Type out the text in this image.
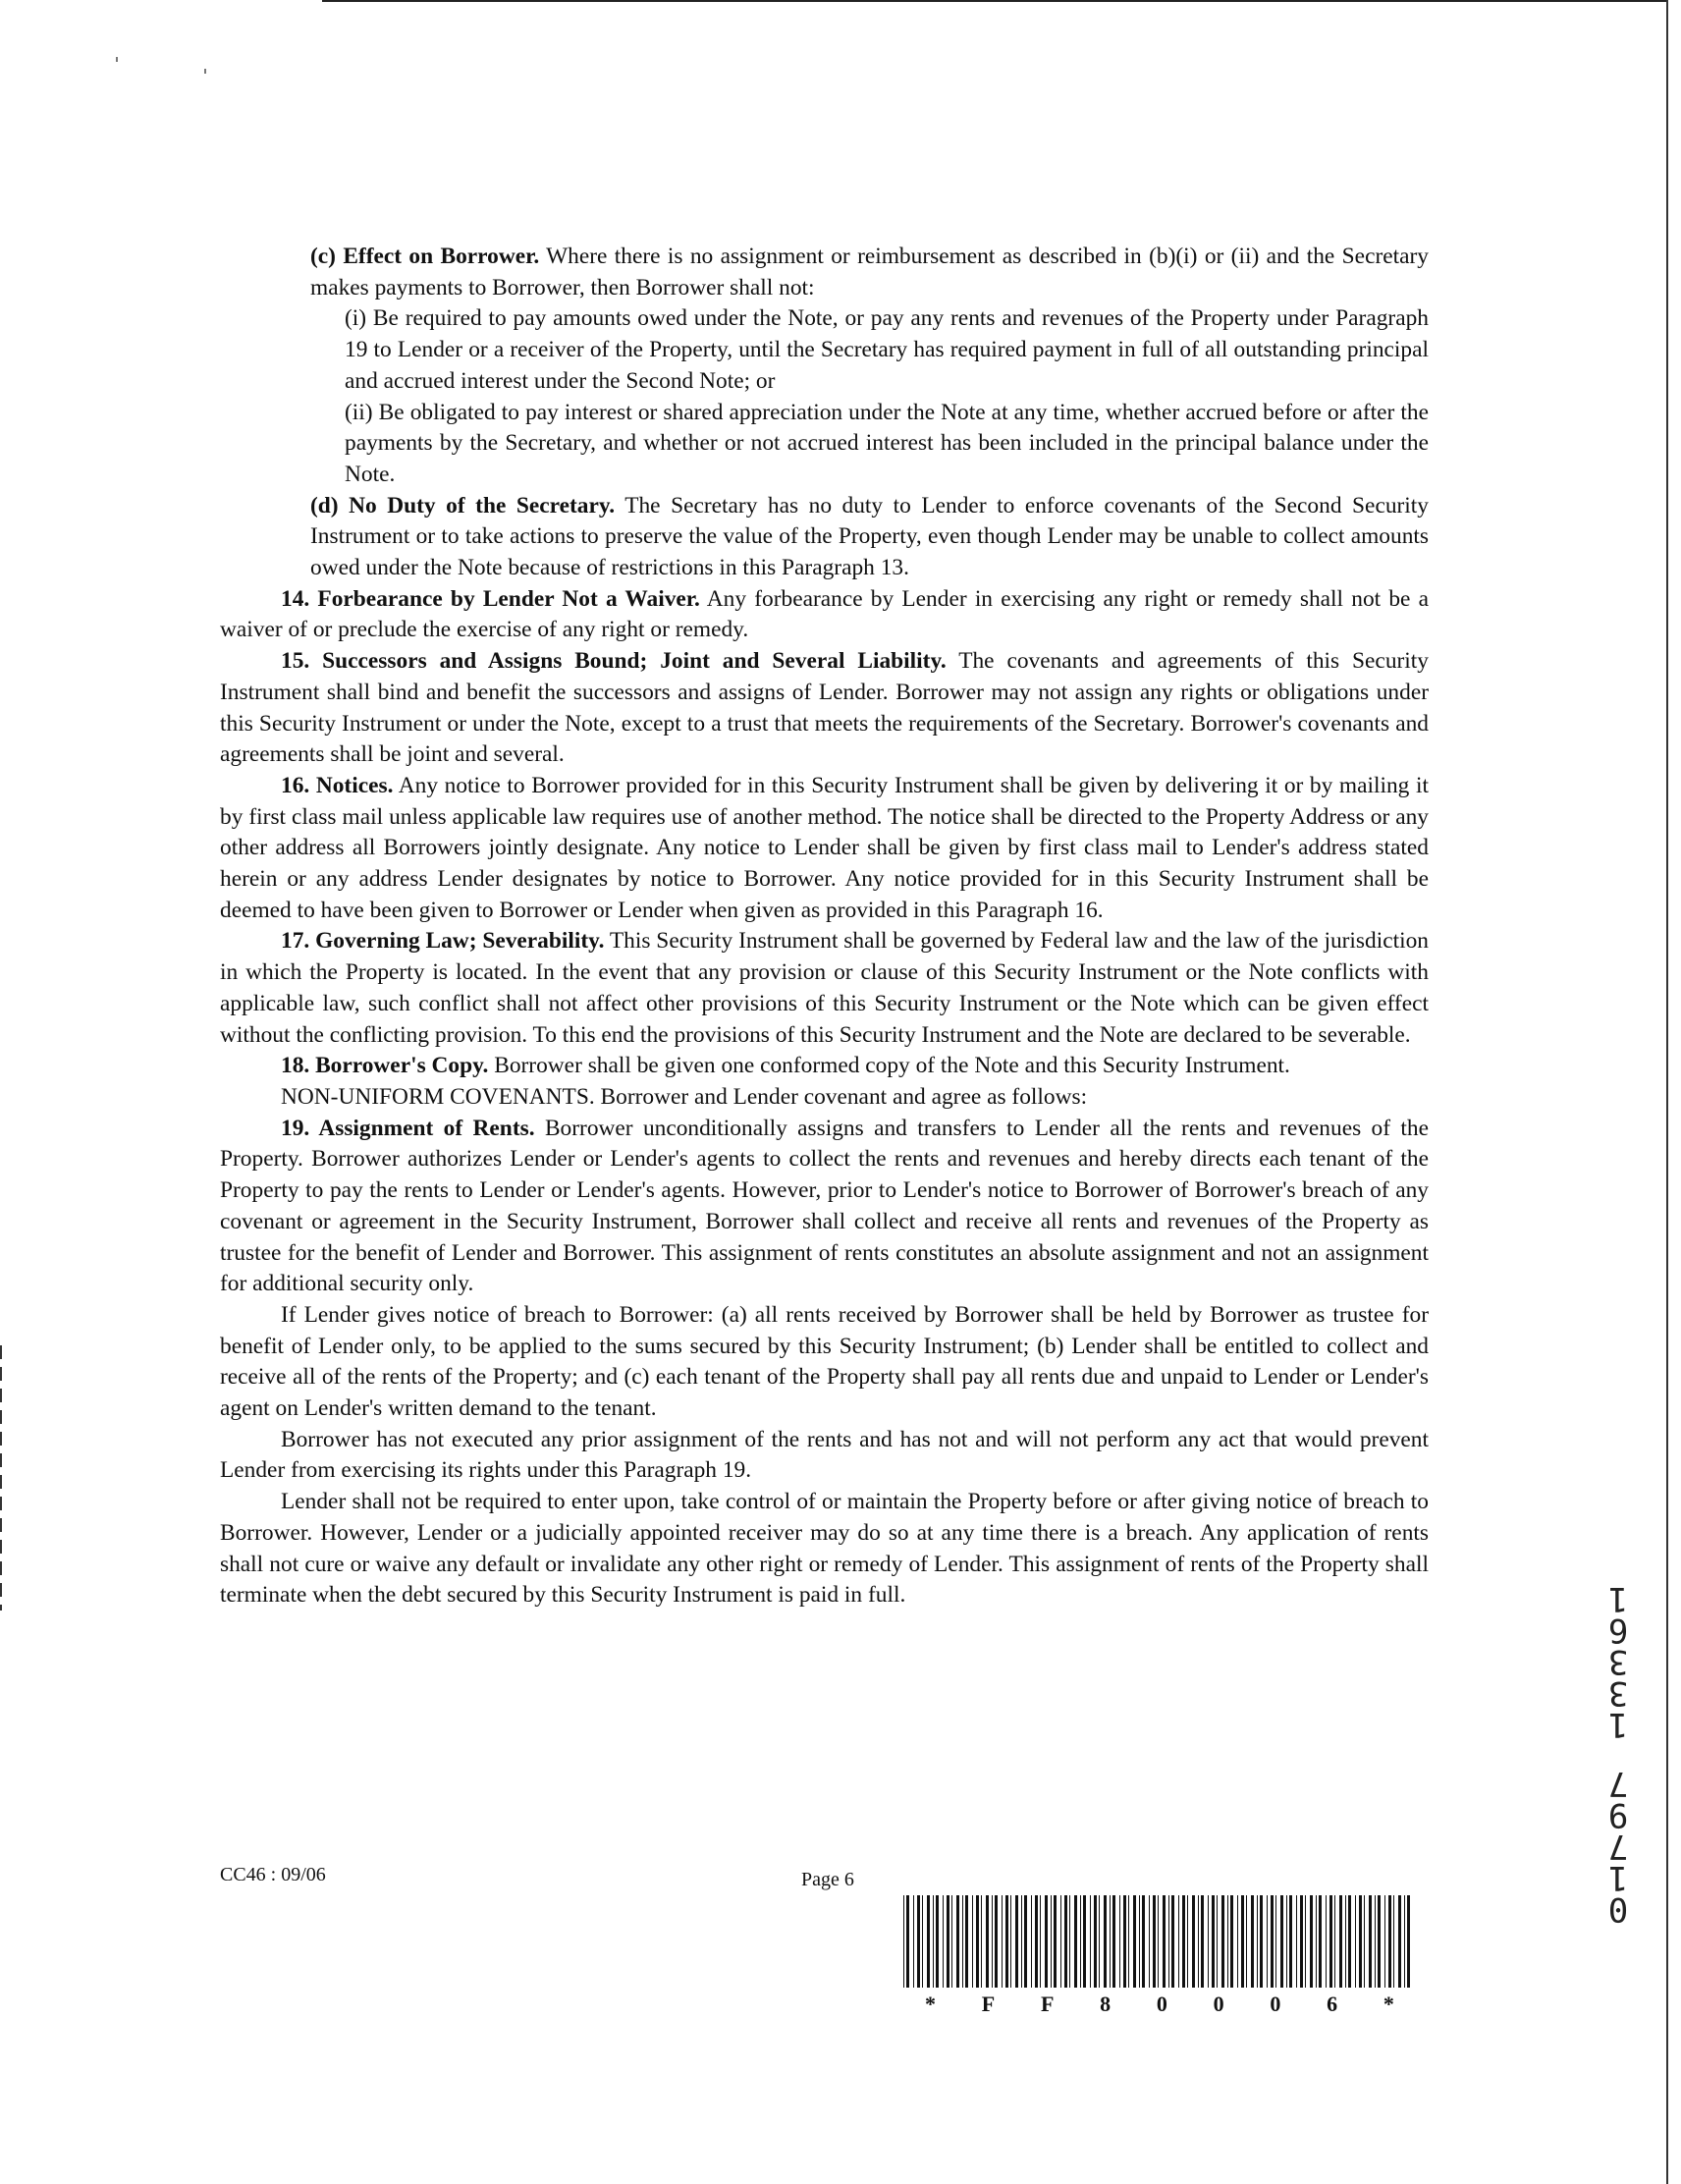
(c) Effect on Borrower. Where there is no assignment or reimbursement as described in (b)(i) or (ii) and the Secretary makes payments to Borrower, then Borrower shall not:

(i) Be required to pay amounts owed under the Note, or pay any rents and revenues of the Property under Paragraph 19 to Lender or a receiver of the Property, until the Secretary has required payment in full of all outstanding principal and accrued interest under the Second Note; or

(ii) Be obligated to pay interest or shared appreciation under the Note at any time, whether accrued before or after the payments by the Secretary, and whether or not accrued interest has been included in the principal balance under the Note.

(d) No Duty of the Secretary. The Secretary has no duty to Lender to enforce covenants of the Second Security Instrument or to take actions to preserve the value of the Property, even though Lender may be unable to collect amounts owed under the Note because of restrictions in this Paragraph 13.

14. Forbearance by Lender Not a Waiver. Any forbearance by Lender in exercising any right or remedy shall not be a waiver of or preclude the exercise of any right or remedy.

15. Successors and Assigns Bound; Joint and Several Liability. The covenants and agreements of this Security Instrument shall bind and benefit the successors and assigns of Lender. Borrower may not assign any rights or obligations under this Security Instrument or under the Note, except to a trust that meets the requirements of the Secretary. Borrower's covenants and agreements shall be joint and several.

16. Notices. Any notice to Borrower provided for in this Security Instrument shall be given by delivering it or by mailing it by first class mail unless applicable law requires use of another method. The notice shall be directed to the Property Address or any other address all Borrowers jointly designate. Any notice to Lender shall be given by first class mail to Lender's address stated herein or any address Lender designates by notice to Borrower. Any notice provided for in this Security Instrument shall be deemed to have been given to Borrower or Lender when given as provided in this Paragraph 16.

17. Governing Law; Severability. This Security Instrument shall be governed by Federal law and the law of the jurisdiction in which the Property is located. In the event that any provision or clause of this Security Instrument or the Note conflicts with applicable law, such conflict shall not affect other provisions of this Security Instrument or the Note which can be given effect without the conflicting provision. To this end the provisions of this Security Instrument and the Note are declared to be severable.

18. Borrower's Copy. Borrower shall be given one conformed copy of the Note and this Security Instrument.

NON-UNIFORM COVENANTS. Borrower and Lender covenant and agree as follows:

19. Assignment of Rents. Borrower unconditionally assigns and transfers to Lender all the rents and revenues of the Property. Borrower authorizes Lender or Lender's agents to collect the rents and revenues and hereby directs each tenant of the Property to pay the rents to Lender or Lender's agents. However, prior to Lender's notice to Borrower of Borrower's breach of any covenant or agreement in the Security Instrument, Borrower shall collect and receive all rents and revenues of the Property as trustee for the benefit of Lender and Borrower. This assignment of rents constitutes an absolute assignment and not an assignment for additional security only.

If Lender gives notice of breach to Borrower: (a) all rents received by Borrower shall be held by Borrower as trustee for benefit of Lender only, to be applied to the sums secured by this Security Instrument; (b) Lender shall be entitled to collect and receive all of the rents of the Property; and (c) each tenant of the Property shall pay all rents due and unpaid to Lender or Lender's agent on Lender's written demand to the tenant.

Borrower has not executed any prior assignment of the rents and has not and will not perform any act that would prevent Lender from exercising its rights under this Paragraph 19.

Lender shall not be required to enter upon, take control of or maintain the Property before or after giving notice of breach to Borrower. However, Lender or a judicially appointed receiver may do so at any time there is a breach. Any application of rents shall not cure or waive any default or invalidate any other right or remedy of Lender. This assignment of rents of the Property shall terminate when the debt secured by this Security Instrument is paid in full.

CC46 : 09/06	Page 6
* F F 8 0 0 0 6 *
0
1
7
9
7
1
3
3
6
1
